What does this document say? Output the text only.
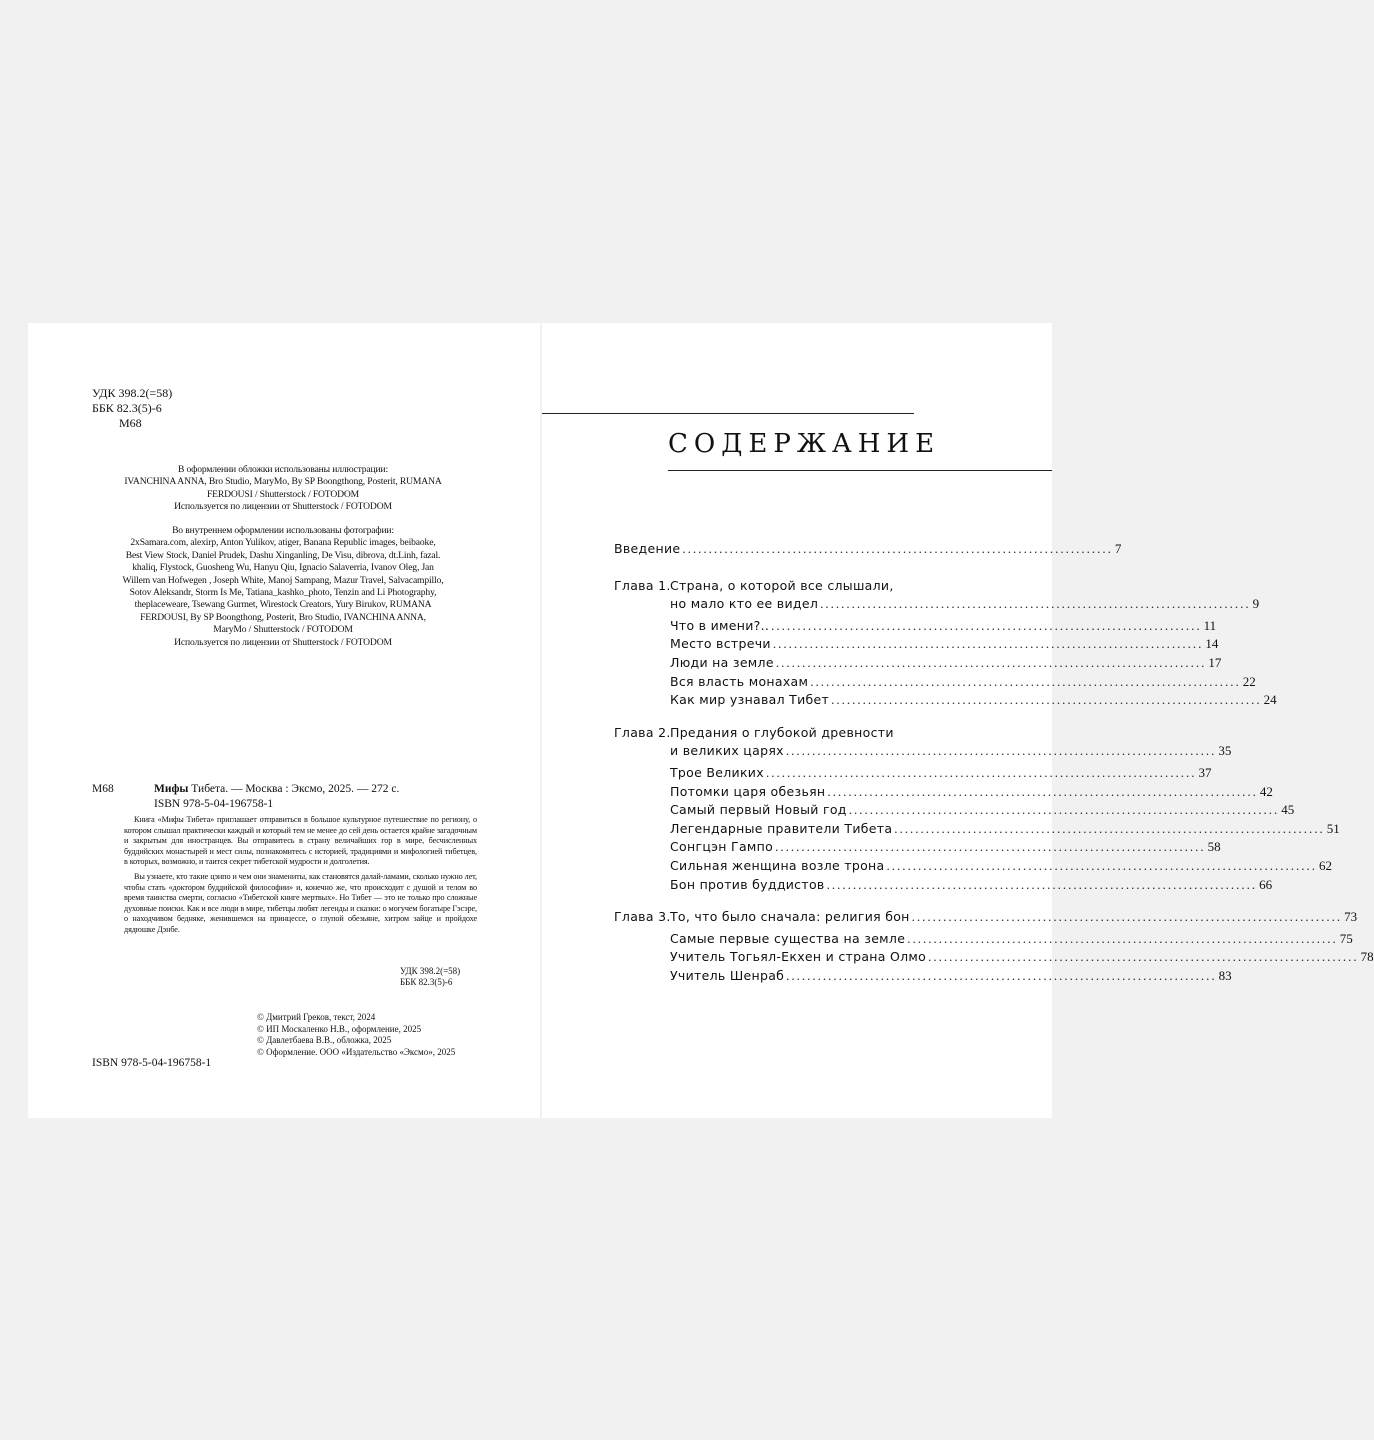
УДК 398.2(=58)
ББК 82.3(5)-6
М68

В оформлении обложки использованы иллюстрации:

IVANCHINA ANNA, Bro Studio, MaryMo, By SP Boongthong, Posterit, RUMANA

FERDOUSI / Shutterstock / FOTODOM

Используется по лицензии от Shutterstock / FOTODOM

Во внутреннем оформлении использованы фотографии:

2xSamara.com, alexirp, Anton Yulikov, atiger, Banana Republic images, beibaoke,

Best View Stock, Daniel Prudek, Dashu Xinganling, De Visu, dibrova, dt.Linh, fazal.

khaliq, Flystock, Guosheng Wu, Hanyu Qiu, Ignacio Salaverria, Ivanov Oleg, Jan

Willem van Hofwegen , Joseph White, Manoj Sampang, Mazur Travel, Salvacampillo,

Sotov Aleksandr, Storm Is Me, Tatiana_kashko_photo, Tenzin and Li Photography,

theplaceweare, Tsewang Gurmet, Wirestock Creators, Yury Birukov, RUMANA

FERDOUSI, By SP Boongthong, Posterit, Bro Studio, IVANCHINA ANNA,

MaryMo / Shutterstock / FOTODOM

Используется по лицензии от Shutterstock / FOTODOM

М68	Мифы Тибета. — Москва : Эксмо, 2025. — 272 с.
ISBN 978-5-04-196758-1

Книга «Мифы Тибета» приглашает отправиться в большое культурное путешествие по региону, о котором слышал практически каждый и который тем не менее до сей день остается крайне загадочным и закрытым для иностранцев. Вы отправитесь в страну величайших гор в мире, бесчисленных буддийских монастырей и мест силы, познакомитесь с историей, традициями и мифологией тибетцев, в которых, возможно, и таится секрет тибетской мудрости и долголетия.

Вы узнаете, кто такие цэнпо и чем они знамениты, как становятся далай-ламами, сколько нужно лет, чтобы стать «доктором буддийской философии» и, конечно же, что происходит с душой и телом во время таинства смерти, согласно «Тибетской книге мертвых». Но Тибет — это не только про сложные духовные поиски. Как и все люди в мире, тибетцы любят легенды и сказки: о могучем богатыре Гэсэре, о находчивом бедняке, женившемся на принцессе, о глупой обезьяне, хитром зайце и пройдохе дядюшке Дэнбе.

УДК 398.2(=58)
ББК 82.3(5)-6
© Дмитрий Греков, текст, 2024
© ИП Москаленко Н.В., оформление, 2025
© Давлетбаева В.В., обложка, 2025
© Оформление. ООО «Издательство «Эксмо», 2025
ISBN 978-5-04-196758-1
СОДЕРЖАНИЕ
Введение .................................................................................. 7
Глава 1. Страна, о которой все слышали,
но мало кто ее видел .................................................................................. 9
Что в имени?.. .................................................................................. 11
Место встречи .................................................................................. 14
Люди на земле .................................................................................. 17
Вся власть монахам .................................................................................. 22
Как мир узнавал Тибет .................................................................................. 24
Глава 2. Предания о глубокой древности
и великих царях .................................................................................. 35
Трое Великих .................................................................................. 37
Потомки царя обезьян .................................................................................. 42
Самый первый Новый год .................................................................................. 45
Легендарные правители Тибета .................................................................................. 51
Сонгцэн Гампо .................................................................................. 58
Сильная женщина возле трона .................................................................................. 62
Бон против буддистов .................................................................................. 66
Глава 3. То, что было сначала: религия бон .................................................................................. 73
Самые первые существа на земле .................................................................................. 75
Учитель Тогьял-Екхен и страна Олмо .................................................................................. 78
Учитель Шенраб .................................................................................. 83
